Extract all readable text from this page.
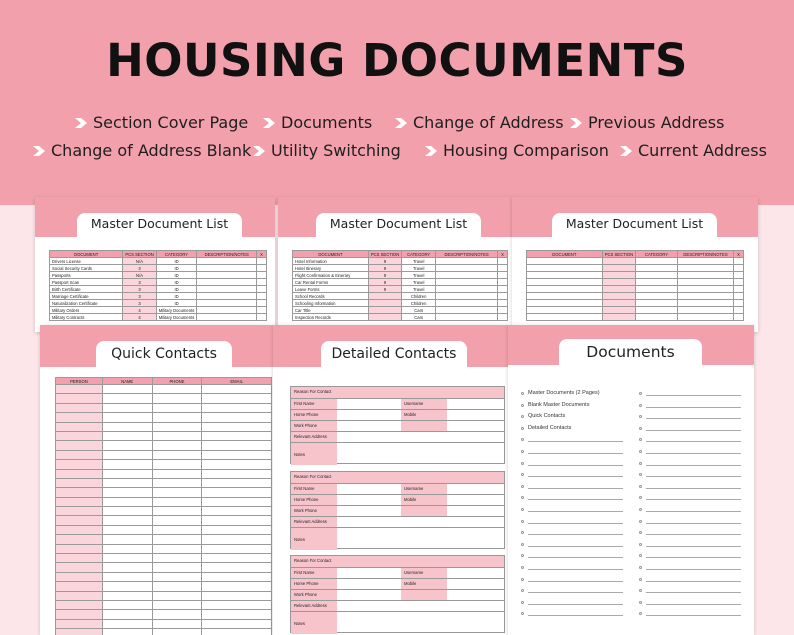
HOUSING DOCUMENTS
Section Cover Page	Documents	Change of Address	Previous Address
Change of Address Blank	Utility Switching	Housing Comparison	Current Address
Master Document List
DOCUMENT	PCS SECTION	CATEGORY	DESCRIPTION/NOTES	X
Drivers License	N/A	ID		
Social Security Cards	3	ID		
Passports	N/A	ID		
Passport Scan	3	ID		
Birth Certificate	3	ID		
Marriage Certificate	3	ID		
Naturalization Certificate	3	ID		
Military Orders	4	Military Documents		
Military Contracts	4	Military Documents		
Master Document List
DOCUMENT	PCS SECTION	CATEGORY	DESCRIPTION/NOTES	X
Hotel Information	9	Travel		
Hotel Itinerary	9	Travel		
Flight Confirmation & Itinerary	9	Travel		
Car Rental Forms	9	Travel		
Leave Forms	9	Travel		
School Records		Children		
Schooling Information		Children		
Car Title		Cars		
Inspection Records		Cars		
Master Document List
DOCUMENT	PCS SECTION	CATEGORY	DESCRIPTION/NOTES	X

Quick Contacts
PERSON	NAME	PHONE	EMAIL

Detailed Contacts
Reason For Contact
First Name	Username
Home Phone	Mobile
Work Phone
Relevant Address
Notes
Reason For Contact
First Name	Username
Home Phone	Mobile
Work Phone
Relevant Address
Notes
Reason For Contact
First Name	Username
Home Phone	Mobile
Work Phone
Relevant Address
Notes
Documents
Master Documents (2 Pages)
Blank Master Documents
Quick Contacts
Detailed Contacts
